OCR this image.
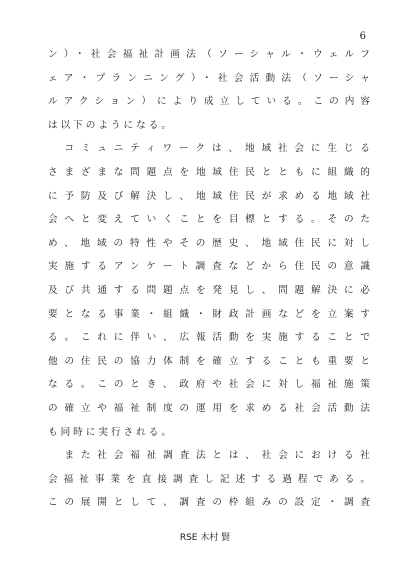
6
ン）・社会福祉計画法（ソーシャル・ウェルフ
ェア・プランニング）・社会活動法（ソーシャ
ルアクション）により成立している。この内容
は以下のようになる。
　コミュニティワークは、地域社会に生じる
さまざまな問題点を地域住民とともに組織的
に予防及び解決し、地域住民が求める地域社
会へと変えていくことを目標とする。そのた
め、地域の特性やその歴史、地域住民に対し
実施するアンケート調査などから住民の意識
及び共通する問題点を発見し、問題解決に必
要となる事業・組織・財政計画などを立案す
る。これに伴い、広報活動を実施することで
他の住民の協力体制を確立することも重要と
なる。このとき、政府や社会に対し福祉施策
の確立や福祉制度の運用を求める社会活動法
も同時に実行される。
　また社会福祉調査法とは、社会における社
会福祉事業を直接調査し記述する過程である。
この展開として、調査の枠組みの設定・調査
RSE 木村 賢
